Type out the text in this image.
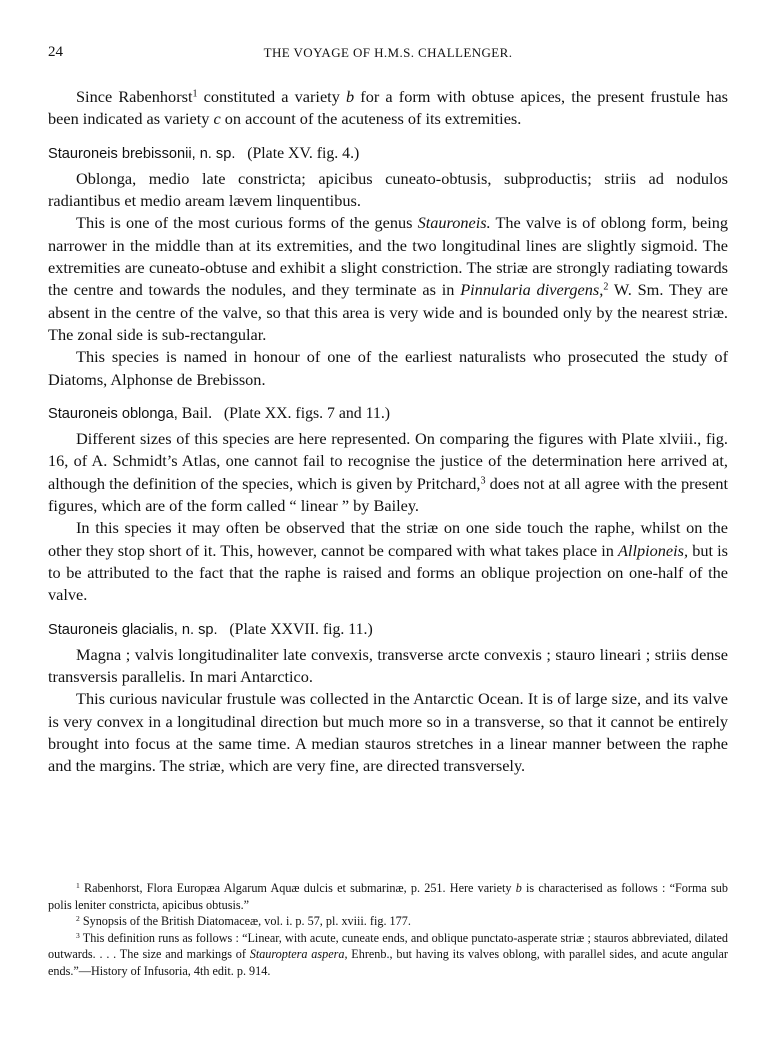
24	THE VOYAGE OF H.M.S. CHALLENGER.

Since Rabenhorst$^1$ constituted a variety b for a form with obtuse apices, the present frustule has been indicated as variety c on account of the acuteness of its extremities.

Stauroneis brebissonii, n. sp. (Plate XV. fig. 4.)

Oblonga, medio late constricta; apicibus cuneato-obtusis, subproductis; striis ad nodulos radiantibus et medio aream lævem linquentibus.

This is one of the most curious forms of the genus Stauroneis. The valve is of oblong form, being narrower in the middle than at its extremities, and the two longitudinal lines are slightly sigmoid. The extremities are cuneato-obtuse and exhibit a slight constriction. The striæ are strongly radiating towards the centre and towards the nodules, and they terminate as in Pinnularia divergens,$^2$ W. Sm. They are absent in the centre of the valve, so that this area is very wide and is bounded only by the nearest striæ. The zonal side is sub-rectangular.

This species is named in honour of one of the earliest naturalists who prosecuted the study of Diatoms, Alphonse de Brebisson.

Stauroneis oblonga, Bail. (Plate XX. figs. 7 and 11.)

Different sizes of this species are here represented. On comparing the figures with Plate xlviii., fig. 16, of A. Schmidt’s Atlas, one cannot fail to recognise the justice of the determination here arrived at, although the definition of the species, which is given by Pritchard,$^3$ does not at all agree with the present figures, which are of the form called “ linear ” by Bailey.

In this species it may often be observed that the striæ on one side touch the raphe, whilst on the other they stop short of it. This, however, cannot be compared with what takes place in Allpioneis, but is to be attributed to the fact that the raphe is raised and forms an oblique projection on one-half of the valve.

Stauroneis glacialis, n. sp. (Plate XXVII. fig. 11.)

Magna ; valvis longitudinaliter late convexis, transverse arcte convexis ; stauro lineari ; striis dense transversis parallelis. In mari Antarctico.

This curious navicular frustule was collected in the Antarctic Ocean. It is of large size, and its valve is very convex in a longitudinal direction but much more so in a transverse, so that it cannot be entirely brought into focus at the same time. A median stauros stretches in a linear manner between the raphe and the margins. The striæ, which are very fine, are directed transversely.

$^1$ Rabenhorst, Flora Europæa Algarum Aquæ dulcis et submarinæ, p. 251. Here variety b is characterised as follows : “Forma sub polis leniter constricta, apicibus obtusis.”

$^2$ Synopsis of the British Diatomaceæ, vol. i. p. 57, pl. xviii. fig. 177.

$^3$ This definition runs as follows : “Linear, with acute, cuneate ends, and oblique punctato-asperate striæ ; stauros abbreviated, dilated outwards. . . . The size and markings of Stauroptera aspera, Ehrenb., but having its valves oblong, with parallel sides, and acute angular ends.”—History of Infusoria, 4th edit. p. 914.
